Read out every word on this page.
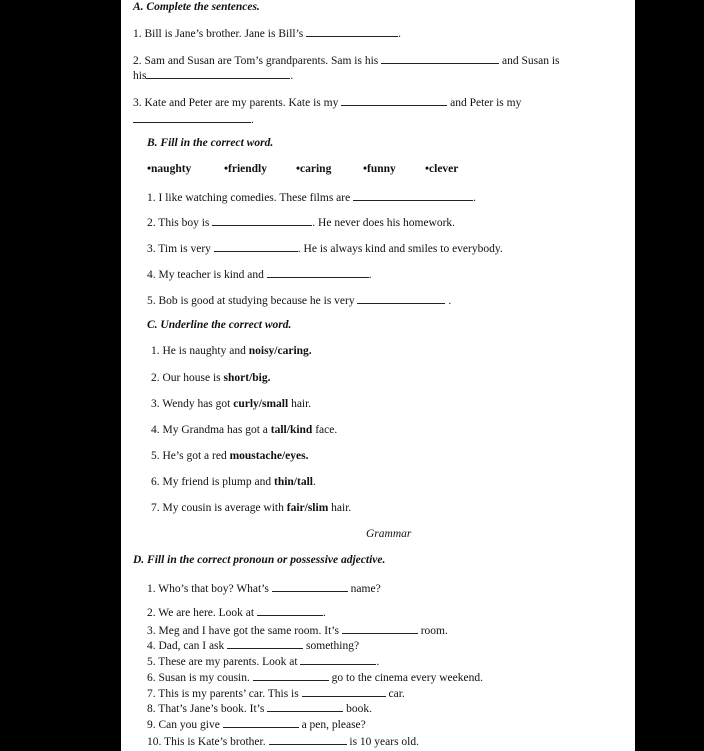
A. Complete the sentences.
1. Bill is Jane’s brother. Jane is Bill’s	.
2. Sam and Susan are Tom’s grandparents. Sam is his	and Susan is
his	.
3. Kate and Peter are my parents. Kate is my	and Peter is my
.
B. Fill in the correct word.
•naughty	•friendly	•caring	•funny	•clever
1. I like watching comedies. These films are	.
2. This boy is	. He never does his homework.
3. Tim is very	. He is always kind and smiles to everybody.
4. My teacher is kind and	.
5. Bob is good at studying because he is very	.
C. Underline the correct word.
1. He is naughty and noisy/caring.
2. Our house is short/big.
3. Wendy has got curly/small hair.
4. My Grandma has got a tall/kind face.
5. He’s got a red moustache/eyes.
6. My friend is plump and thin/tall.
7. My cousin is average with fair/slim hair.
Grammar
D. Fill in the correct pronoun or possessive adjective.
1. Who’s that boy? What’s	name?
2. We are here. Look at	.
3. Meg and I have got the same room. It’s	room.
4. Dad, can I ask	something?
5. These are my parents. Look at	.
6. Susan is my cousin.	go to the cinema every weekend.
7. This is my parents’ car. This is	car.
8. That’s Jane’s book. It’s	book.
9. Can you give	a pen, please?
10. This is Kate’s brother.	is 10 years old.
